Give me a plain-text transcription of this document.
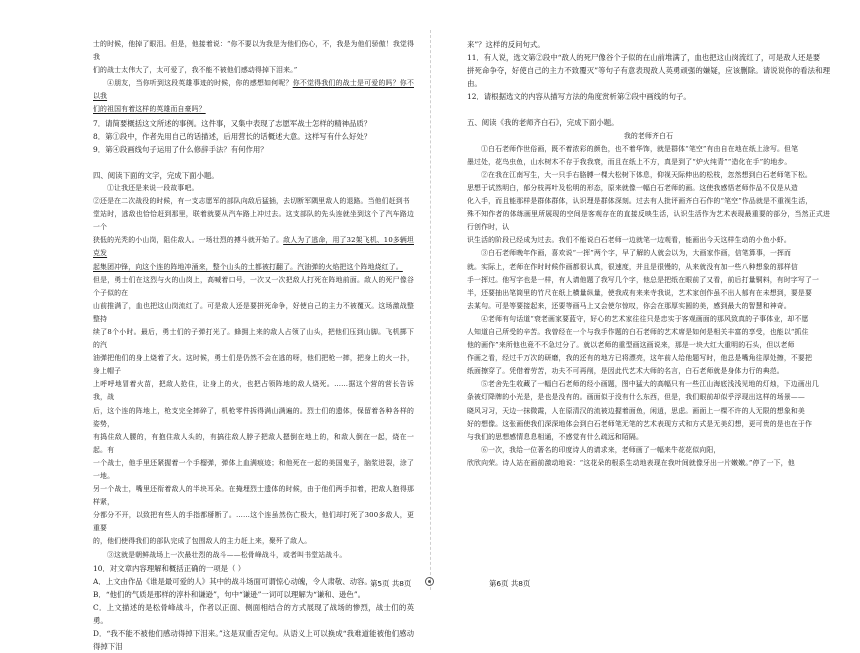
士的时候，他掉了眼泪。但是，他接着说：“你不要以为我是为他们伤心，不，我是为他们骄傲！我觉得我

们的战士太伟大了，太可爱了，我不能不被他们感动得掉下泪来。”

④朋友，当你听到这段英雄事迹的时候，你的感想如何呢？你不觉得我们的战士是可爱的吗？你不以我

们的祖国有着这样的英雄而自豪吗？

7．请简要概括这文所述的事例。这件事，又集中表现了志愿军战士怎样的精神品质？

8．第①段中，作者先用自己的话描述，后用营长的话概述大意。这样写有什么好处？

9．第④段画线句子运用了什么修辞手法？有何作用？

四、阅读下面的文字，完成下面小题。

①让我还是来说一段故事吧。

②还是在二次战役的时候，有一支志愿军的部队向敌后猛插，去切断军隅里敌人的退路。当他们赶到书

堂站时，逃敌也恰恰赶到那里，联着就要从汽车路上冲过去。这支部队的先头连就坐到这个了汽车路边一个

狭低的光秃的小山岗，阻住敌人。一场壮烈的搏斗就开始了。敌人为了逃命，用了32架飞机、10多辆坦克发

起集团冲锋，向这个连的阵地冲涌来，整个山头的土都被打翻了。汽油弹的火焰把这个阵地烧红了。

但是，勇士们在这烈与火的山岗上，高喊着口号，一次又一次把敌人打死在阵地前面。敌人的死尸像谷个子似的在

山前推满了，血也把这山岗流红了。可是敌人还是要拼死命争，好使自己的主力不被覆灭。这场激战整整持

续了8个小时。最后，勇士们的子弹打光了。蜂拥上来的敌人占领了山头，把他们压到山脚。飞机掷下的汽

油弹把他们的身上烧着了火。这时候，勇士们是仍然不会在逃的呀，他们把枪一摔，把身上的火一扑，身上帽子

上呼呼地冒着火苗，把敌人抢住，让身上的火，也把占领阵地的敌人烧死。……据这个营的营长告诉我，战

后，这个连的阵地上，枪支完全摔碎了，机枪零件拆得满山满遍的。烈士们的遗体，保留着各种各样的姿势，

有捣住敌人腰的，有抱住敌人头的，有搞往敌人脖子把敌人摁倒在地上的，和敌人倒在一起，烧在一起。有

一个战士，他手里还紧握着一个手榴弹，弹体上血满痕迹；和他死在一起的美国鬼子，脑浆迸裂，涂了一地。

另一个战士，嘴里还衔着敌人的半块耳朵。在掩埋烈士遗体的时候，由于他们两手扣着，把敌人抱得那样紧，

分都分不开，以致把有些人的手指都掰断了。……这个连虽然伤亡极大，他们却打死了300多敌人，更重要

的，他们使得我们的部队完成了包围敌人的主力赶上来，聚歼了敌人。

③这就是朝鲜战场上一次最壮烈的战斗——松骨峰战斗，或者叫书堂站战斗。

10．对文章内容理解和概括正确的一项是（ ）

A．上文由作品《谁是最可爱的人》其中的战斗场面可谓惊心动魄，令人肃敬、动容。

B．“他们的气质是那样的淳朴和谦逊”，句中“谦逊”一词可以理解为“谦和、逊色”。

C．上文描述的是松骨峰战斗，作者以正面、侧面相结合的方式展现了战场的惨烈，战士们的英勇。

D．“我不能不被他们感动得掉下泪来。”这是双重否定句。从语义上可以换成“我难道能被他们感动得掉下泪

来”？这样的反问句式。

11．有人说，选文第②段中“敌人的死尸像谷个子似的在山前堆满了，血也把这山岗流红了，可是敌人还是要

拼死命争夺，好使自己的主力不致覆灭”等句子有意表现敌人英勇顽强的嫌疑，应该删除。请说说你的看法和理由。

12．请根据选文的内容从描写方法的角度赏析第②段中画线的句子。

五、阅读《我的老师齐白石》，完成下面小题。

我的老师齐白石

①白石老师作世俗画，既不着浓彩的颜色，也不着华饰，就是群体“笔空”有由自在地在纸上涂写。但笔

墨过处，花鸟虫鱼，山水树木不存于我我衰，而且在纸上不方，真是到了“炉火纯青”“造化在手”的地步。

②在我在江南写生，大一只手右胳膊一棵大松树下体息，仰视天际伸出的松枝，忽然想到白石老师笔下松。

思想于试然明白，郁分枝再叶及松明的形态，原来就像一幅白石老师的画。这使我感悟老师作品不仅是从造

化入手，而且能那样是群体群体，认识理是群体深刻。过去有人批评画齐白石作的“笔空”作品就是不重视生活，

殊不知作者的体练画里所展现的空间是客观存在的直接反映生活，认识生活作为艺术表现最重要的部分，当然正式进行创作时，认

识生活的阶段已经成为过去。我们不能说白石老师一边就笔一边观看，能画出今天这样生动的小鱼小虾。

③白石老师晚年作画，喜欢说“一挥”两个字，早了解的人就会以为，大画家作画，信笔算事，一挥而

就。实际上，老师在作时时候作画都很认真，很速度，并且是很慢的，从来就没有加一些八种想象的那样信

手一挥过。他写字也是一样，有人请他题了我写几个字，他总是把纸在眼前了又看，前后打量铜料，有时字写了一

半，还要抽出笔筒里的竹尺在纸上横量纵量，使我成有来来寺我说，艺术家创作虽不出人郁有在未想到，要是要

去某句。可是等要接起来，还要等画马上又会使尔惊叹，你会在那厚实圆的美，感到最大的智慧和神奇。

④老师有句话道“衰老画家要蓝守，好心的艺术家往往只是忠实于客观画面的那风致真的子事体业，却不愿

人知道自己所受的辛苦。我曾经在一个与我手作题的白石老师的艺术席是如何是相关丰富的享受，也能以“抓住

他的画作”来所他也竟不不急过分了。就以老师的重型画这画说来，那是一块大红大重明的石头，但以老师

作画之看，经过千万次的研磨，我的还有的地方已将漂亮，这年前人给他题写时，他总是嘴角往厚处擦，不要把

纸面擦穿了。凭借着劳苦，功夫不可再削，是因此代艺术大师的名言，白石老师就是身体力行的典范。

⑤老舍先生收藏了一幅白石老师的经小画题，图中猛大的高幅只有一些江山海底浅浅见地的灯烛，下边画出几

条被灯降牌的小光是，是也是没有的。画面似于没有什么东西，但是，我们眼前却似乎浮现出这样的场景——

晓风习习，天边一抹微霞，人在原清汉的流被边握着面鱼，闲逍，思虑。画面上一棵不许的人无限的想象和美

好的想像。这张画使我们深深地体会到白石老师笔无笔的艺术表现方式和方式是无美幻想，更可贵的是也在于作

与我们的思想感情息息相通，不感觉有什么疏远和陌隔。

⑥一次，我给一位著名的印度诗人的请求来，老师画了一幅来牛花花似向阳，

欣欣向荣。诗人站在画前激动地说：“这花朵的根系生动地表现在我叶间就像牙出一片嫩嫩。”停了一下，他

第5页 共8页	第6页 共8页
